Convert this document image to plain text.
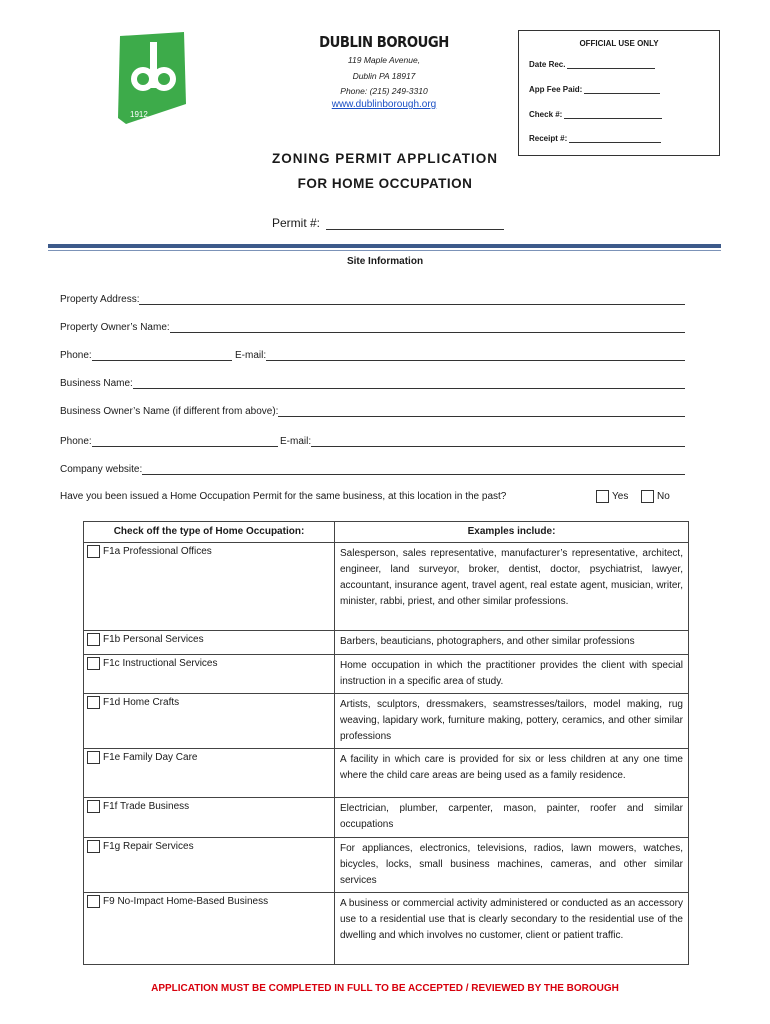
1912
DUBLIN BOROUGH
119 Maple Avenue,
Dublin PA 18917
Phone: (215) 249-3310
www.dublinborough.org
OFFICIAL USE ONLY
Date Rec.
App Fee Paid:
Check #:
Receipt #:
ZONING PERMIT APPLICATION
FOR HOME OCCUPATION
Permit #:
Site Information
Property Address:
Property Owner’s Name:
Phone:	E-mail:
Business Name:
Business Owner’s Name (if different from above):
Phone:	E-mail:
Company website:
Have you been issued a Home Occupation Permit for the same business, at this location in the past?	Yes	No
Check off the type of Home Occupation:	Examples include:

F1a Professional Offices	Salesperson, sales representative, manufacturer’s representative, architect, engineer, land surveyor, broker, dentist, doctor, psychiatrist, lawyer, accountant, insurance agent, travel agent, real estate agent, musician, writer, minister, rabbi, priest, and other similar professions.

F1b Personal Services	Barbers, beauticians, photographers, and other similar professions

F1c Instructional Services	Home occupation in which the practitioner provides the client with special instruction in a specific area of study.

F1d Home Crafts	Artists, sculptors, dressmakers, seamstresses/tailors, model making, rug weaving, lapidary work, furniture making, pottery, ceramics, and other similar professions

F1e Family Day Care	A facility in which care is provided for six or less children at any one time where the child care areas are being used as a family residence.

F1f Trade Business	Electrician, plumber, carpenter, mason, painter, roofer and similar occupations

F1g Repair Services	For appliances, electronics, televisions, radios, lawn mowers, watches, bicycles, locks, small business machines, cameras, and other similar services

F9 No-Impact Home-Based Business	A business or commercial activity administered or conducted as an accessory use to a residential use that is clearly secondary to the residential use of the dwelling and which involves no customer, client or patient traffic.
APPLICATION MUST BE COMPLETED IN FULL TO BE ACCEPTED / REVIEWED BY THE BOROUGH
